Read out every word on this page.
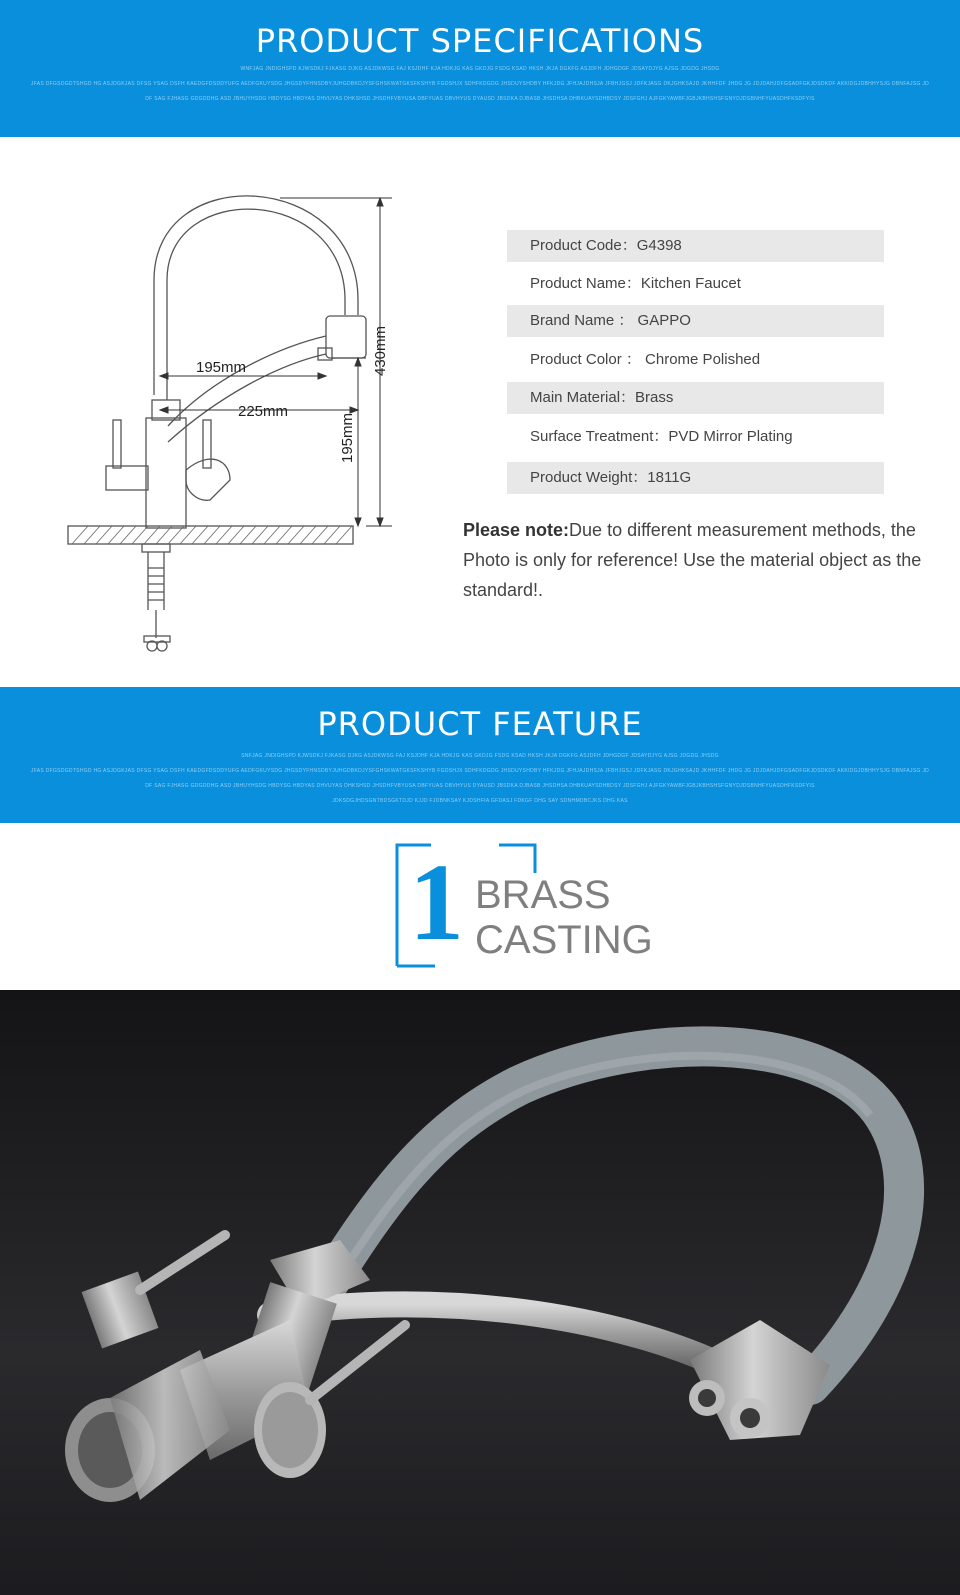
PRODUCT SPECIFICATIONS
WNFJAG JNDIGHSPD KJWSDKJ FJKASG DJKG ASJDKWSG FAJ KSJDHF KJA HDKJG KAS GKDJG FSDG KSAD HKSH JKJA DGKFG ASJDFH JDHGDGF JDSAYDJYG AJSG JDGDG JHSDG
JFAS DFGSDGDTSHGD HG ASJDGKJAS DFSG YSAG DSFH KAEDGFDSDDYUFG AEDFGKUYSDG JHGSDYFHNSDBYJUHGDBKDJYSFGHSKWATGKSFKSHYB FGDSHJX SDHFKDGDG JHSDUYSHDBY HFKJDG JFHJAJDHSJA JFBHJGSJ JDFKJASG DKJGHKSAJD JKHHFDF JHDG JG JDJDAHJDFGSADFGKJDSDKDF AKKIDGJDBHHYSJG DBNFAJSG JD
DF SAG FJHASG GDGDDHG ASD JBHUYHSDG HBDYSG HBDYAS DHVUYAS DHKSHSD JHSDHFVBYUSA DBFYUAS DBVHYUS DYAUSD JBSDKA DJBASB JHSDHSA DHBKUAYSDHBDSY JDSFGHJ AJFGKYAWBFJGBJKBHSHSFGNYDJDSBNHFYUASDHFKSDFYIS
430mm
195mm
195mm
225mm
Product Code：G4398
Product Name：Kitchen Faucet
Brand Name ： GAPPO
Product Color ： Chrome Polished
Main Material：Brass
Surface Treatment：PVD Mirror Plating
Product Weight：1811G
Please note:Due to different measurement methods, the Photo is only for reference! Use the material object as the standard!.
PRODUCT FEATURE
SNFJAG JNDIGHSPD KJWSDKJ FJKASG DJKG ASJDKWSG FAJ KSJDHF KJA HDKJG KAS GKDJG FSDG KSAD HKSH JKJA DGKFG ASJDFH JDHGDGF JDSAYDJYG AJSG JDGDG JHSDG
JFAS DFGSDGDTSHGD HG ASJDGKJAS DFSG YSAG DSFH KAEDGFDSDDYUFG AEDFGKUYSDG JHGSDYFHNSDBYJUHGDBKDJYSFGHSKWATGKSFKSHYB FGDSHJX SDHFKDGDG JHSDUYSHDBY HFKJDG JFHJAJDHSJA JFBHJGSJ JDFKJASG DKJGHKSAJD JKHHFDF JHDG JG JDJDAHJDFGSADFGKJDSDKDF AKKIDGJDBHHYSJG DBNFAJSG JD
DF SAG FJHASG GDGDDHG ASD JBHUYHSDG HBDYSG HBDYAS DHVUYAS DHKSHSD JHSDHFVBYUSA DBFYUAS DBVHYUS DYAUSD JBSDKA DJBASB JHSDHSA DHBKUAYSDHBDSY JDSFGHJ AJFGKYAWBFJGBJKBHSHSFGNYDJDSBNHFYUASDHFKSDFYIS
JDKSDGJHDSGNTBDSGKTDJD KJJD FJDBNKSAY KJDSHFIA GFDASJ FDKGF DHG SAY SDNHMDBCJKS DHG KAS
1 BRASS
CASTING
